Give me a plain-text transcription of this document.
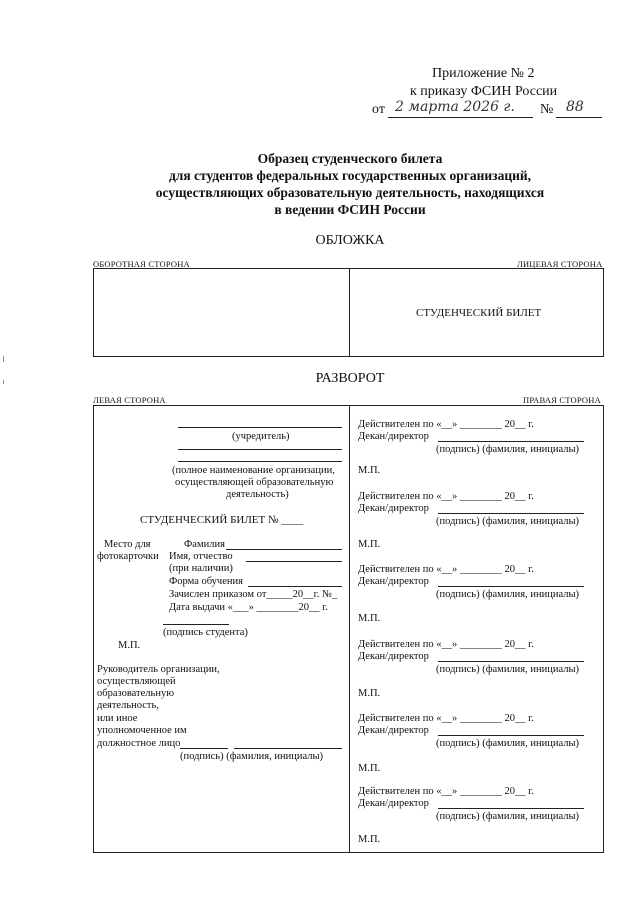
Приложение № 2
к приказу ФСИН России
от 2 марта 2026 г. № 88
Образец студенческого билета
для студентов федеральных государственных организаций,
осуществляющих образовательную деятельность, находящихся
в ведении ФСИН России
ОБЛОЖКА
ОБОРОТНАЯ СТОРОНА	ЛИЦЕВАЯ СТОРОНА
СТУДЕНЧЕСКИЙ БИЛЕТ
РАЗВОРОТ
ЛЕВАЯ СТОРОНА	ПРАВАЯ СТОРОНА
(учредитель)
(полное наименование организации,
осуществляющей образовательную
деятельность)
СТУДЕНЧЕСКИЙ БИЛЕТ № ____
Место для
фотокарточки
Фамилия
Имя, отчество
(при наличии)
Форма обучения
Зачислен приказом от_____20__г. №_
Дата выдачи «___» ________20__ г.
(подпись студента)
М.П.
Руководитель организации,
осуществляющей
образовательную
деятельность,
или иное
уполномоченное им
должностное лицо
(подпись) (фамилия, инициалы)
Действителен по «__» ________ 20__ г.
Декан/директор
(подпись) (фамилия, инициалы)
М.П.
Действителен по «__» ________ 20__ г.
Декан/директор
(подпись) (фамилия, инициалы)
М.П.
Действителен по «__» ________ 20__ г.
Декан/директор
(подпись) (фамилия, инициалы)
М.П.
Действителен по «__» ________ 20__ г.
Декан/директор
(подпись) (фамилия, инициалы)
М.П.
Действителен по «__» ________ 20__ г.
Декан/директор
(подпись) (фамилия, инициалы)
М.П.
Действителен по «__» ________ 20__ г.
Декан/директор
(подпись) (фамилия, инициалы)
М.П.
